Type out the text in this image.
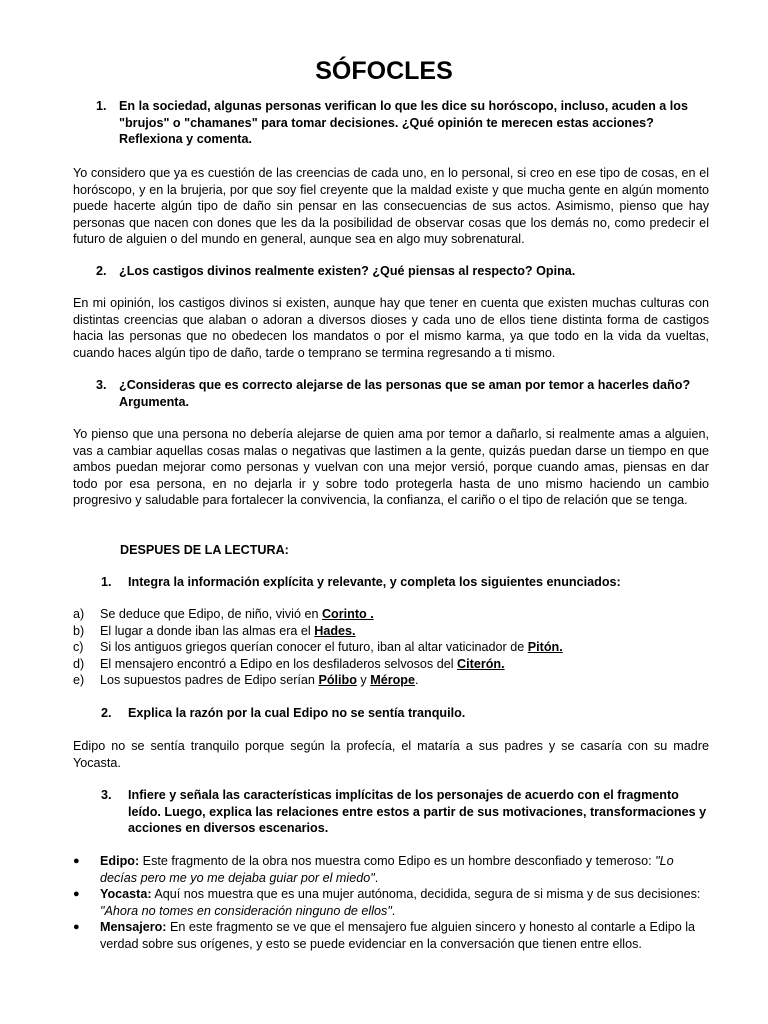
SÓFOCLES
1. En la sociedad, algunas personas verifican lo que les dice su horóscopo, incluso, acuden a los "brujos" o "chamanes" para tomar decisiones. ¿Qué opinión te merecen estas acciones? Reflexiona y comenta.
Yo considero que ya es cuestión de las creencias de cada uno, en lo personal, si creo en ese tipo de cosas, en el horóscopo, y en la brujeria, por que soy fiel creyente que la maldad existe y que mucha gente en algún momento puede hacerte algún tipo de daño sin pensar en las consecuencias de sus actos. Asimismo, pienso que hay personas que nacen con dones que les da la posibilidad de observar cosas que los demás no, como predecir el futuro de alguien o del mundo en general, aunque sea en algo muy sobrenatural.
2. ¿Los castigos divinos realmente existen? ¿Qué piensas al respecto? Opina.
En mi opinión, los castigos divinos si existen, aunque hay que tener en cuenta que existen muchas culturas con distintas creencias que alaban o adoran a diversos dioses y cada uno de ellos tiene distinta forma de castigos hacia las personas que no obedecen los mandatos o por el mismo karma, ya que todo en la vida da vueltas, cuando haces algún tipo de daño, tarde o temprano se termina regresando a ti mismo.
3. ¿Consideras que es correcto alejarse de las personas que se aman por temor a hacerles daño? Argumenta.
Yo pienso que una persona no debería alejarse de quien ama por temor a dañarlo, si realmente amas a alguien, vas a cambiar aquellas cosas malas o negativas que lastimen a la gente, quizás puedan darse un tiempo en que ambos puedan mejorar como personas y vuelvan con una mejor versió, porque cuando amas, piensas en dar todo por esa persona, en no dejarla ir y sobre todo protegerla hasta de uno mismo haciendo un cambio progresivo y saludable para fortalecer la convivencia, la confianza, el cariño o el tipo de relación que se tenga.
DESPUES DE LA LECTURA:
1.	Integra la información explícita y relevante, y completa los siguientes enunciados:
a) Se deduce que Edipo, de niño, vivió en Corinto .
b) El lugar a donde iban las almas era el Hades.
c) Si los antiguos griegos querían conocer el futuro, iban al altar vaticinador de Pitón.
d) El mensajero encontró a Edipo en los desfiladeros selvosos del Citerón.
e) Los supuestos padres de Edipo serían Pólibo y Mérope.
2.	Explica la razón por la cual Edipo no se sentía tranquilo.
Edipo no se sentía tranquilo porque según la profecía, el mataría a sus padres y se casaría con su madre Yocasta.
3.	Infiere y señala las características implícitas de los personajes de acuerdo con el fragmento leído. Luego, explica las relaciones entre estos a partir de sus motivaciones, transformaciones y acciones en diversos escenarios.
● Edipo: Este fragmento de la obra nos muestra como Edipo es un hombre desconfiado y temeroso: "Lo decías pero me yo me dejaba guiar por el miedo".
● Yocasta: Aquí nos muestra que es una mujer autónoma, decidida, segura de si misma y de sus decisiones: "Ahora no tomes en consideración ninguno de ellos".
● Mensajero: En este fragmento se ve que el mensajero fue alguien sincero y honesto al contarle a Edipo la verdad sobre sus orígenes, y esto se puede evidenciar en la conversación que tienen entre ellos.
